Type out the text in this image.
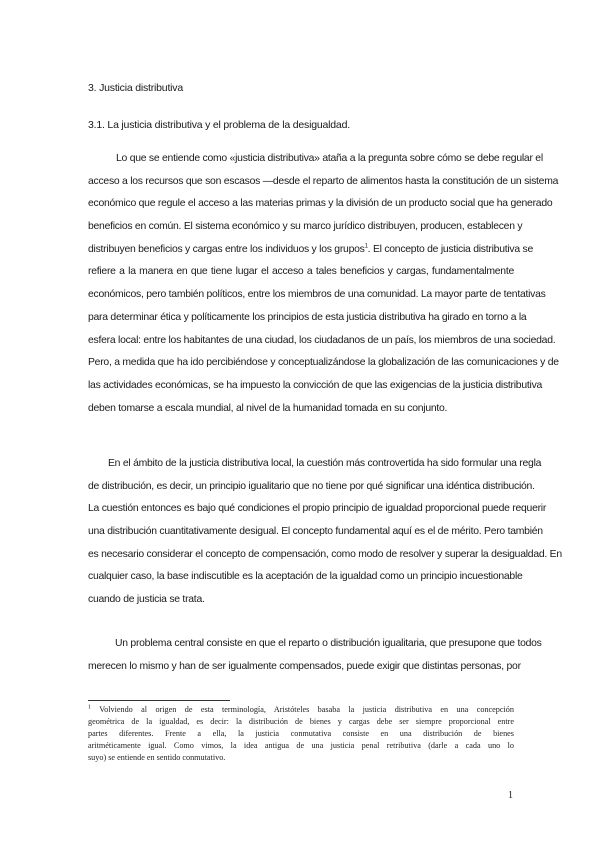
3. Justicia distributiva
3.1. La justicia distributiva y el problema de la desigualdad.
Lo que se entiende como «justicia distributiva» ataña a la pregunta sobre cómo se debe regular el
acceso a los recursos que son escasos —desde el reparto de alimentos hasta la constitución de un sistema
económico que regule el acceso a las materias primas y la división de un producto social que ha generado
beneficios en común. El sistema económico y su marco jurídico distribuyen, producen, establecen y
distribuyen beneficios y cargas entre los individuos y los grupos$^1$. El concepto de justicia distributiva se
refiere a la manera en que tiene lugar el acceso a tales beneficios y cargas, fundamentalmente
económicos, pero también políticos, entre los miembros de una comunidad. La mayor parte de tentativas
para determinar ética y políticamente los principios de esta justicia distributiva ha girado en torno a la
esfera local: entre los habitantes de una ciudad, los ciudadanos de un país, los miembros de una sociedad.
Pero, a medida que ha ido percibiéndose y conceptualizándose la globalización de las comunicaciones y de
las actividades económicas, se ha impuesto la convicción de que las exigencias de la justicia distributiva
deben tomarse a escala mundial, al nivel de la humanidad tomada en su conjunto.
En el ámbito de la justicia distributiva local, la cuestión más controvertida ha sido formular una regla
de distribución, es decir, un principio igualitario que no tiene por qué significar una idéntica distribución.
La cuestión entonces es bajo qué condiciones el propio principio de igualdad proporcional puede requerir
una distribución cuantitativamente desigual. El concepto fundamental aquí es el de mérito. Pero también
es necesario considerar el concepto de compensación, como modo de resolver y superar la desigualdad. En
cualquier caso, la base indiscutible es la aceptación de la igualdad como un principio incuestionable
cuando de justicia se trata.
Un problema central consiste en que el reparto o distribución igualitaria, que presupone que todos
merecen lo mismo y han de ser igualmente compensados, puede exigir que distintas personas, por
$^1$ Volviendo al origen de esta terminología, Aristóteles basaba la justicia distributiva en una concepción
geométrica de la igualdad, es decir: la distribución de bienes y cargas debe ser siempre proporcional entre
partes diferentes. Frente a ella, la justicia conmutativa consiste en una distribución de bienes
aritméticamente igual. Como vimos, la idea antigua de una justicia penal retributiva (darle a cada uno lo
suyo) se entiende en sentido conmutativo.
1
